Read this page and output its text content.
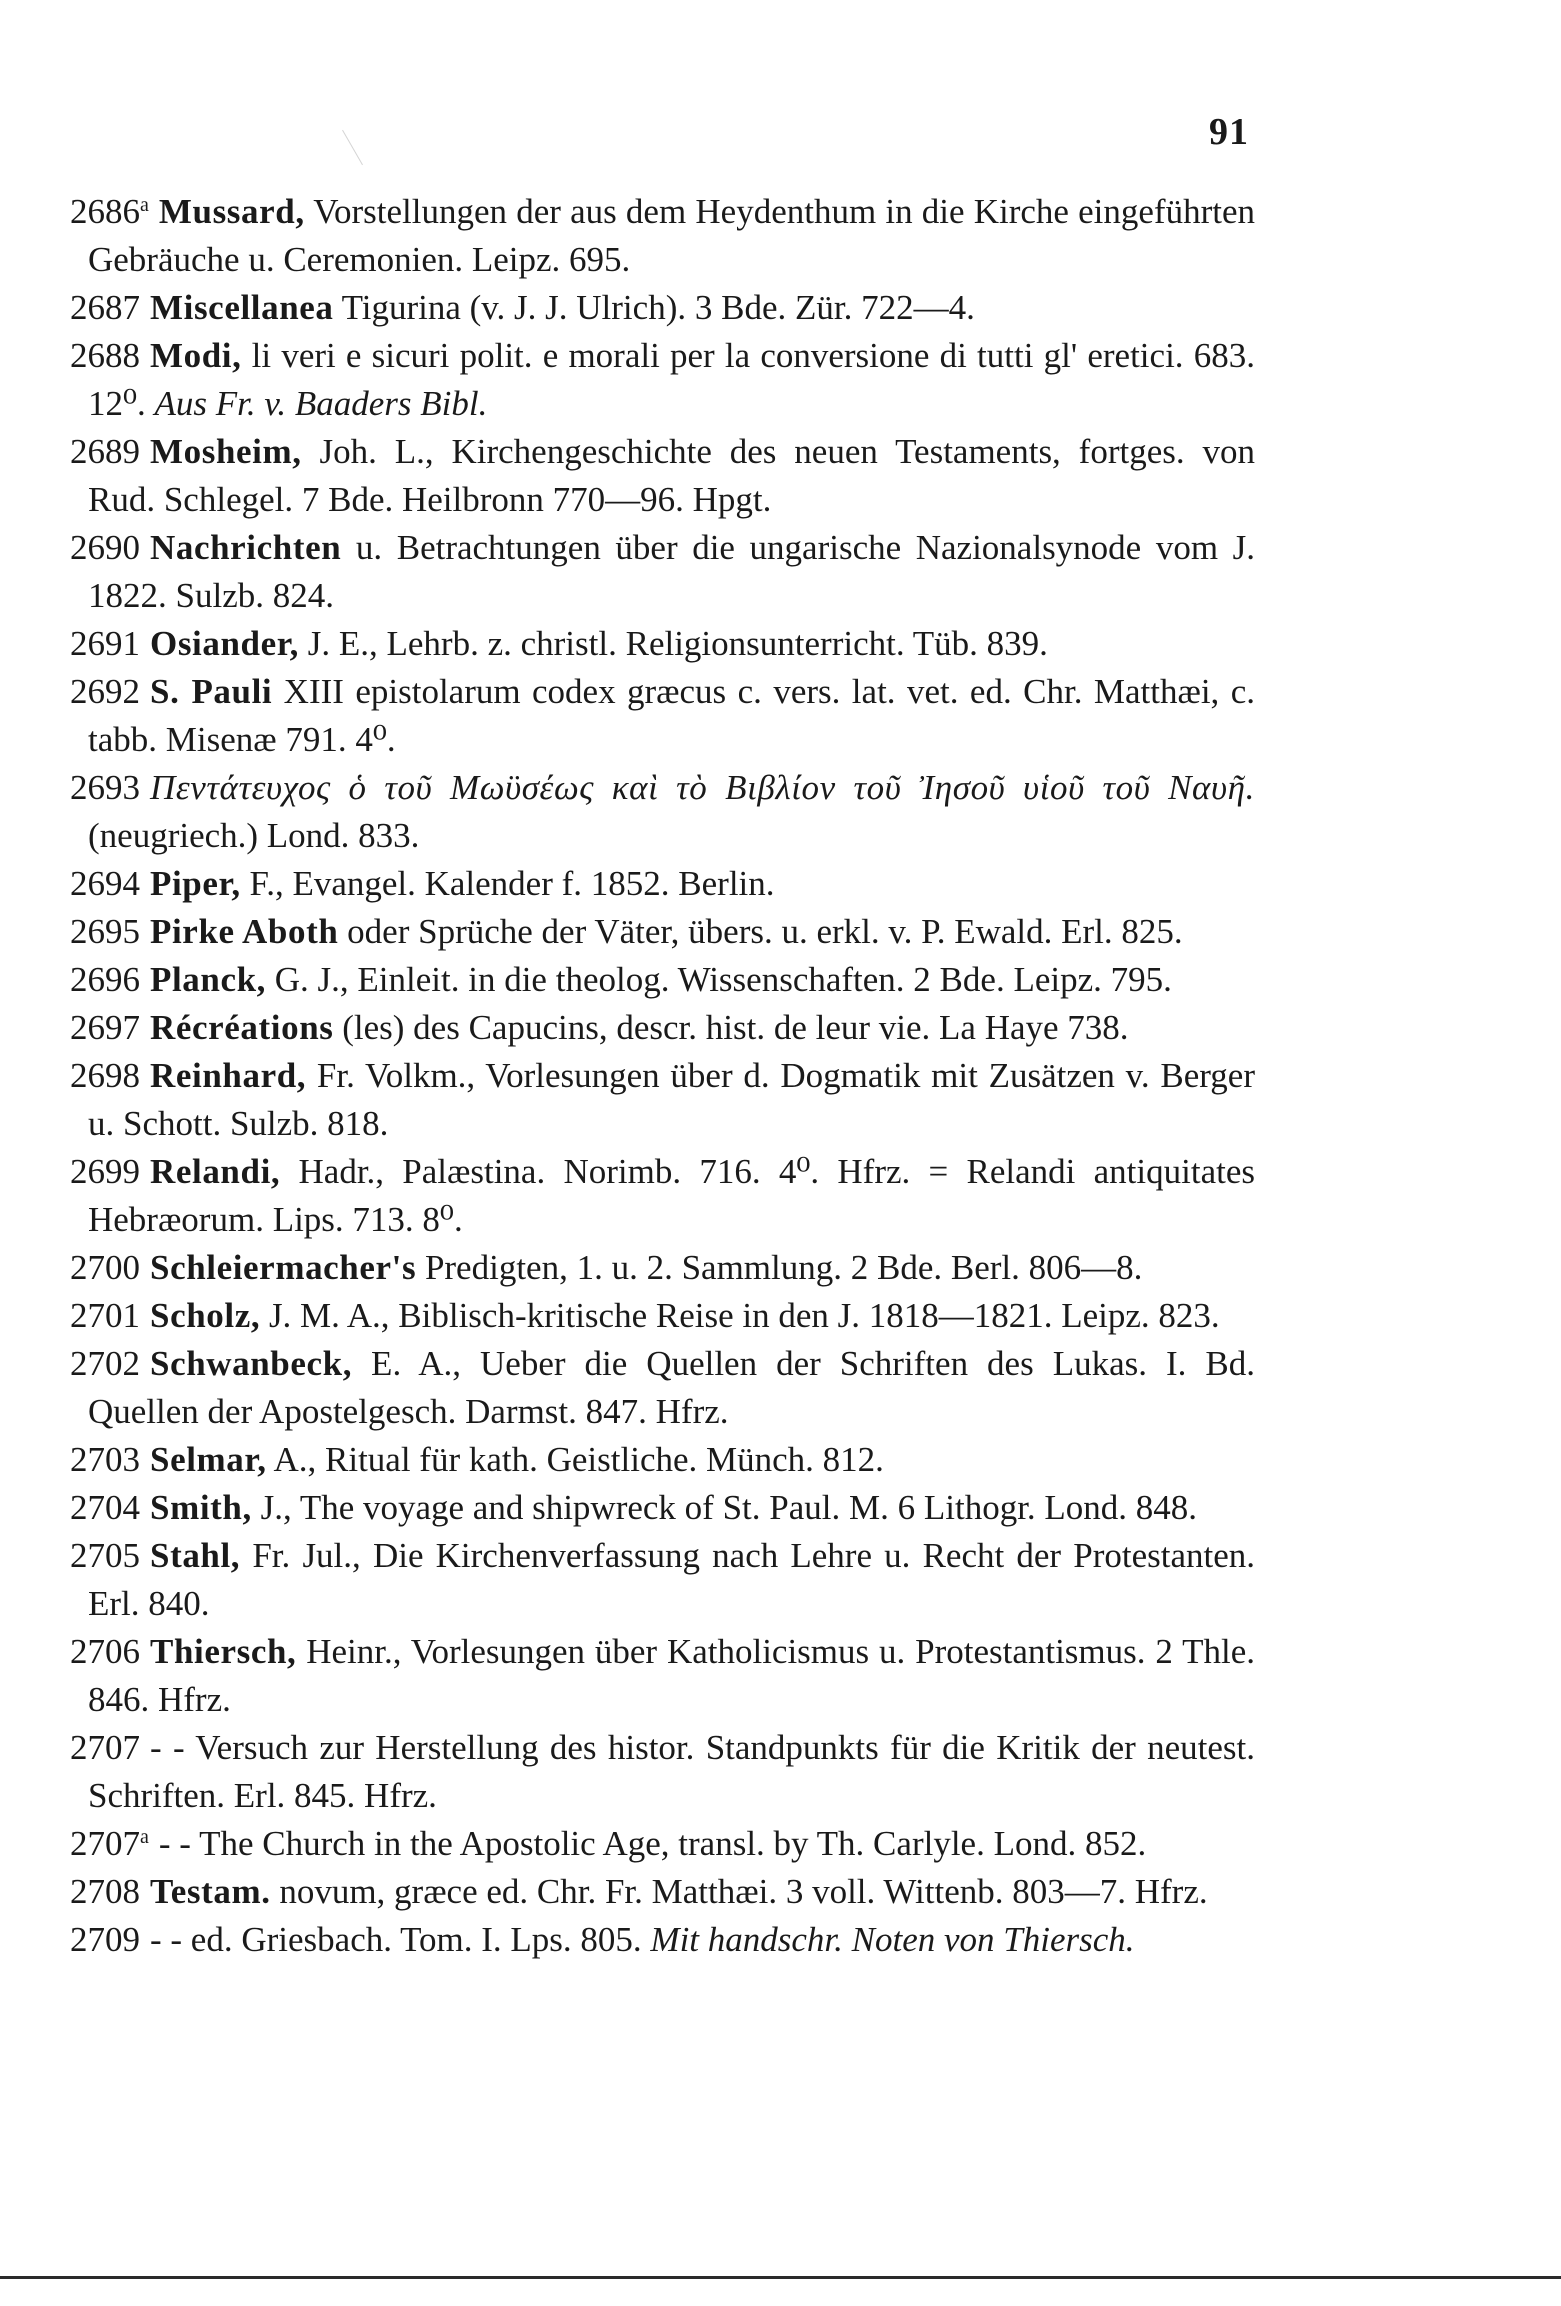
91

2686$^a$ Mussard, Vorstellungen der aus dem Heydenthum in die Kirche eingeführten Gebräuche u. Ceremonien. Leipz. 695.

2687 Miscellanea Tigurina (v. J. J. Ulrich). 3 Bde. Zür. 722—4.

2688 Modi, li veri e sicuri polit. e morali per la conversione di tutti gl' eretici. 683. 12⁰. Aus Fr. v. Baaders Bibl.

2689 Mosheim, Joh. L., Kirchengeschichte des neuen Testaments, fortges. von Rud. Schlegel. 7 Bde. Heilbronn 770—96. Hpgt.

2690 Nachrichten u. Betrachtungen über die ungarische Nazionalsynode vom J. 1822. Sulzb. 824.

2691 Osiander, J. E., Lehrb. z. christl. Religionsunterricht. Tüb. 839.

2692 S. Pauli XIII epistolarum codex græcus c. vers. lat. vet. ed. Chr. Matthæi, c. tabb. Misenæ 791. 4⁰.

2693 Πεντάτευχος ὁ τοῦ Μωϋσέως καὶ τὸ Βιβλίον τοῦ Ἰησοῦ υἱοῦ τοῦ Ναυῆ. (neugriech.) Lond. 833.

2694 Piper, F., Evangel. Kalender f. 1852. Berlin.

2695 Pirke Aboth oder Sprüche der Väter, übers. u. erkl. v. P. Ewald. Erl. 825.

2696 Planck, G. J., Einleit. in die theolog. Wissenschaften. 2 Bde. Leipz. 795.

2697 Récréations (les) des Capucins, descr. hist. de leur vie. La Haye 738.

2698 Reinhard, Fr. Volkm., Vorlesungen über d. Dogmatik mit Zusätzen v. Berger u. Schott. Sulzb. 818.

2699 Relandi, Hadr., Palæstina. Norimb. 716. 4⁰. Hfrz. = Relandi antiquitates Hebræorum. Lips. 713. 8⁰.

2700 Schleiermacher's Predigten, 1. u. 2. Sammlung. 2 Bde. Berl. 806—8.

2701 Scholz, J. M. A., Biblisch-kritische Reise in den J. 1818—1821. Leipz. 823.

2702 Schwanbeck, E. A., Ueber die Quellen der Schriften des Lukas. I. Bd. Quellen der Apostelgesch. Darmst. 847. Hfrz.

2703 Selmar, A., Ritual für kath. Geistliche. Münch. 812.

2704 Smith, J., The voyage and shipwreck of St. Paul. M. 6 Lithogr. Lond. 848.

2705 Stahl, Fr. Jul., Die Kirchenverfassung nach Lehre u. Recht der Protestanten. Erl. 840.

2706 Thiersch, Heinr., Vorlesungen über Katholicismus u. Protestantismus. 2 Thle. 846. Hfrz.

2707 - - Versuch zur Herstellung des histor. Standpunkts für die Kritik der neutest. Schriften. Erl. 845. Hfrz.

2707$^a$ - - The Church in the Apostolic Age, transl. by Th. Carlyle. Lond. 852.

2708 Testam. novum, græce ed. Chr. Fr. Matthæi. 3 voll. Wittenb. 803—7. Hfrz.

2709 - - ed. Griesbach. Tom. I. Lps. 805. Mit handschr. Noten von Thiersch.
